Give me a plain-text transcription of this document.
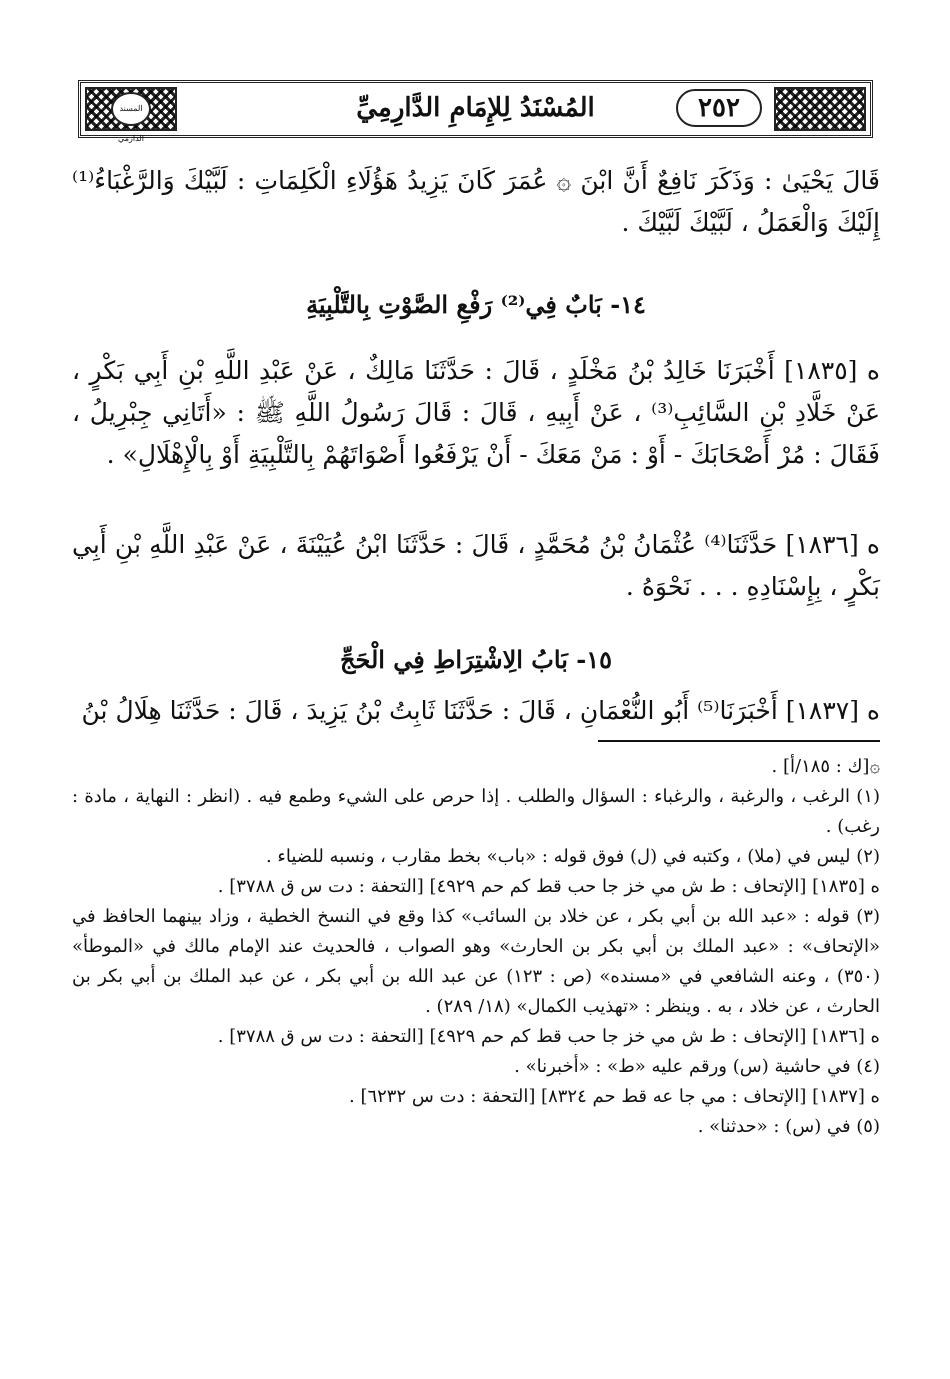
المسند الدارمي
المُسْنَدُ لِلإِمَامِ الدَّارِمِيِّ	٢٥٢

قَالَ يَحْيَىٰ : وَذَكَرَ نَافِعٌ أَنَّ ابْنَ ۞ عُمَرَ كَانَ يَزِيدُ هَؤُلَاءِ الْكَلِمَاتِ : لَبَّيْكَ وَالرَّغْبَاءُ⁽¹⁾ إِلَيْكَ وَالْعَمَلُ ، لَبَّيْكَ لَبَّيْكَ .

١٤- بَابٌ فِي⁽²⁾ رَفْعِ الصَّوْتِ بِالتَّلْبِيَةِ

ه [١٨٣٥] أَخْبَرَنَا خَالِدُ بْنُ مَخْلَدٍ ، قَالَ : حَدَّثَنَا مَالِكٌ ، عَنْ عَبْدِ اللَّهِ بْنِ أَبِي بَكْرٍ ، عَنْ خَلَّادِ بْنِ السَّائِبِ⁽³⁾ ، عَنْ أَبِيهِ ، قَالَ : قَالَ رَسُولُ اللَّهِ ﷺ : «أَتَانِي جِبْرِيلُ ، فَقَالَ : مُرْ أَصْحَابَكَ - أَوْ : مَنْ مَعَكَ - أَنْ يَرْفَعُوا أَصْوَاتَهُمْ بِالتَّلْبِيَةِ أَوْ بِالْإِهْلَالِ» .

ه [١٨٣٦] حَدَّثَنَا⁽⁴⁾ عُثْمَانُ بْنُ مُحَمَّدٍ ، قَالَ : حَدَّثَنَا ابْنُ عُيَيْنَةَ ، عَنْ عَبْدِ اللَّهِ بْنِ أَبِي بَكْرٍ ، بِإِسْنَادِهِ . . . نَحْوَهُ .

١٥- بَابُ الِاشْتِرَاطِ فِي الْحَجِّ

ه [١٨٣٧] أَخْبَرَنَا⁽⁵⁾ أَبُو النُّعْمَانِ ، قَالَ : حَدَّثَنَا ثَابِتُ بْنُ يَزِيدَ ، قَالَ : حَدَّثَنَا هِلَالُ بْنُ

۞[ك : ١٨٥/أ] .

(١) الرغب ، والرغبة ، والرغباء : السؤال والطلب . إذا حرص على الشيء وطمع فيه . (انظر : النهاية ، مادة : رغب) .

(٢) ليس في (ملا) ، وكتبه في (ل) فوق قوله : «باب» بخط مقارب ، ونسبه للضياء .

ه [١٨٣٥] [الإتحاف : ط ش مي خز جا حب قط كم حم ٤٩٢٩] [التحفة : دت س ق ٣٧٨٨] .

(٣) قوله : «عبد الله بن أبي بكر ، عن خلاد بن السائب» كذا وقع في النسخ الخطية ، وزاد بينهما الحافظ في «الإتحاف» : «عبد الملك بن أبي بكر بن الحارث» وهو الصواب ، فالحديث عند الإمام مالك في «الموطأ» (٣٥٠) ، وعنه الشافعي في «مسنده» (ص : ١٢٣) عن عبد الله بن أبي بكر ، عن عبد الملك بن أبي بكر بن الحارث ، عن خلاد ، به . وينظر : «تهذيب الكمال» (١٨/ ٢٨٩) .

ه [١٨٣٦] [الإتحاف : ط ش مي خز جا حب قط كم حم ٤٩٢٩] [التحفة : دت س ق ٣٧٨٨] .

(٤) في حاشية (س) ورقم عليه «ط» : «أخبرنا» .

ه [١٨٣٧] [الإتحاف : مي جا عه قط حم ٨٣٢٤] [التحفة : دت س ٦٢٣٢] .

(٥) في (س) : «حدثنا» .
